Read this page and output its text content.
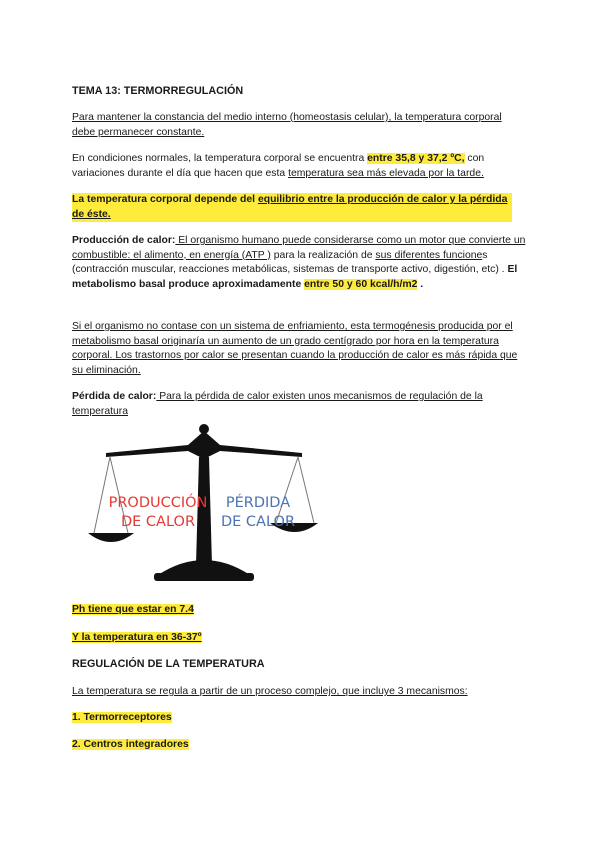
TEMA 13: TERMORREGULACIÓN
Para mantener la constancia del medio interno (homeostasis celular), la temperatura corporal debe permanecer constante.
En condiciones normales, la temperatura corporal se encuentra entre 35,8 y 37,2 ºC, con variaciones durante el día que hacen que esta temperatura sea más elevada por la tarde.
La temperatura corporal depende del equilibrio entre la producción de calor y la pérdida de éste.
Producción de calor: El organismo humano puede considerarse como un motor que convierte un combustible: el alimento, en energía (ATP ) para la realización de sus diferentes funciones (contracción muscular, reacciones metabólicas, sistemas de transporte activo, digestión, etc) . El metabolismo basal produce aproximadamente entre 50 y 60 kcal/h/m2 .
Si el organismo no contase con un sistema de enfriamiento, esta termogénesis producida por el metabolismo basal originaría un aumento de un grado centígrado por hora en la temperatura corporal. Los trastornos por calor se presentan cuando la producción de calor es más rápida que su eliminación.
Pérdida de calor: Para la pérdida de calor existen unos mecanismos de regulación de la temperatura
PRODUCCIÓN
DE CALOR
PÉRDIDA
DE CALOR
Ph tiene que estar en 7.4
Y la temperatura en 36-37º
REGULACIÓN DE LA TEMPERATURA
La temperatura se regula a partir de un proceso complejo, que incluye 3 mecanismos:
1. Termorreceptores
2. Centros integradores
